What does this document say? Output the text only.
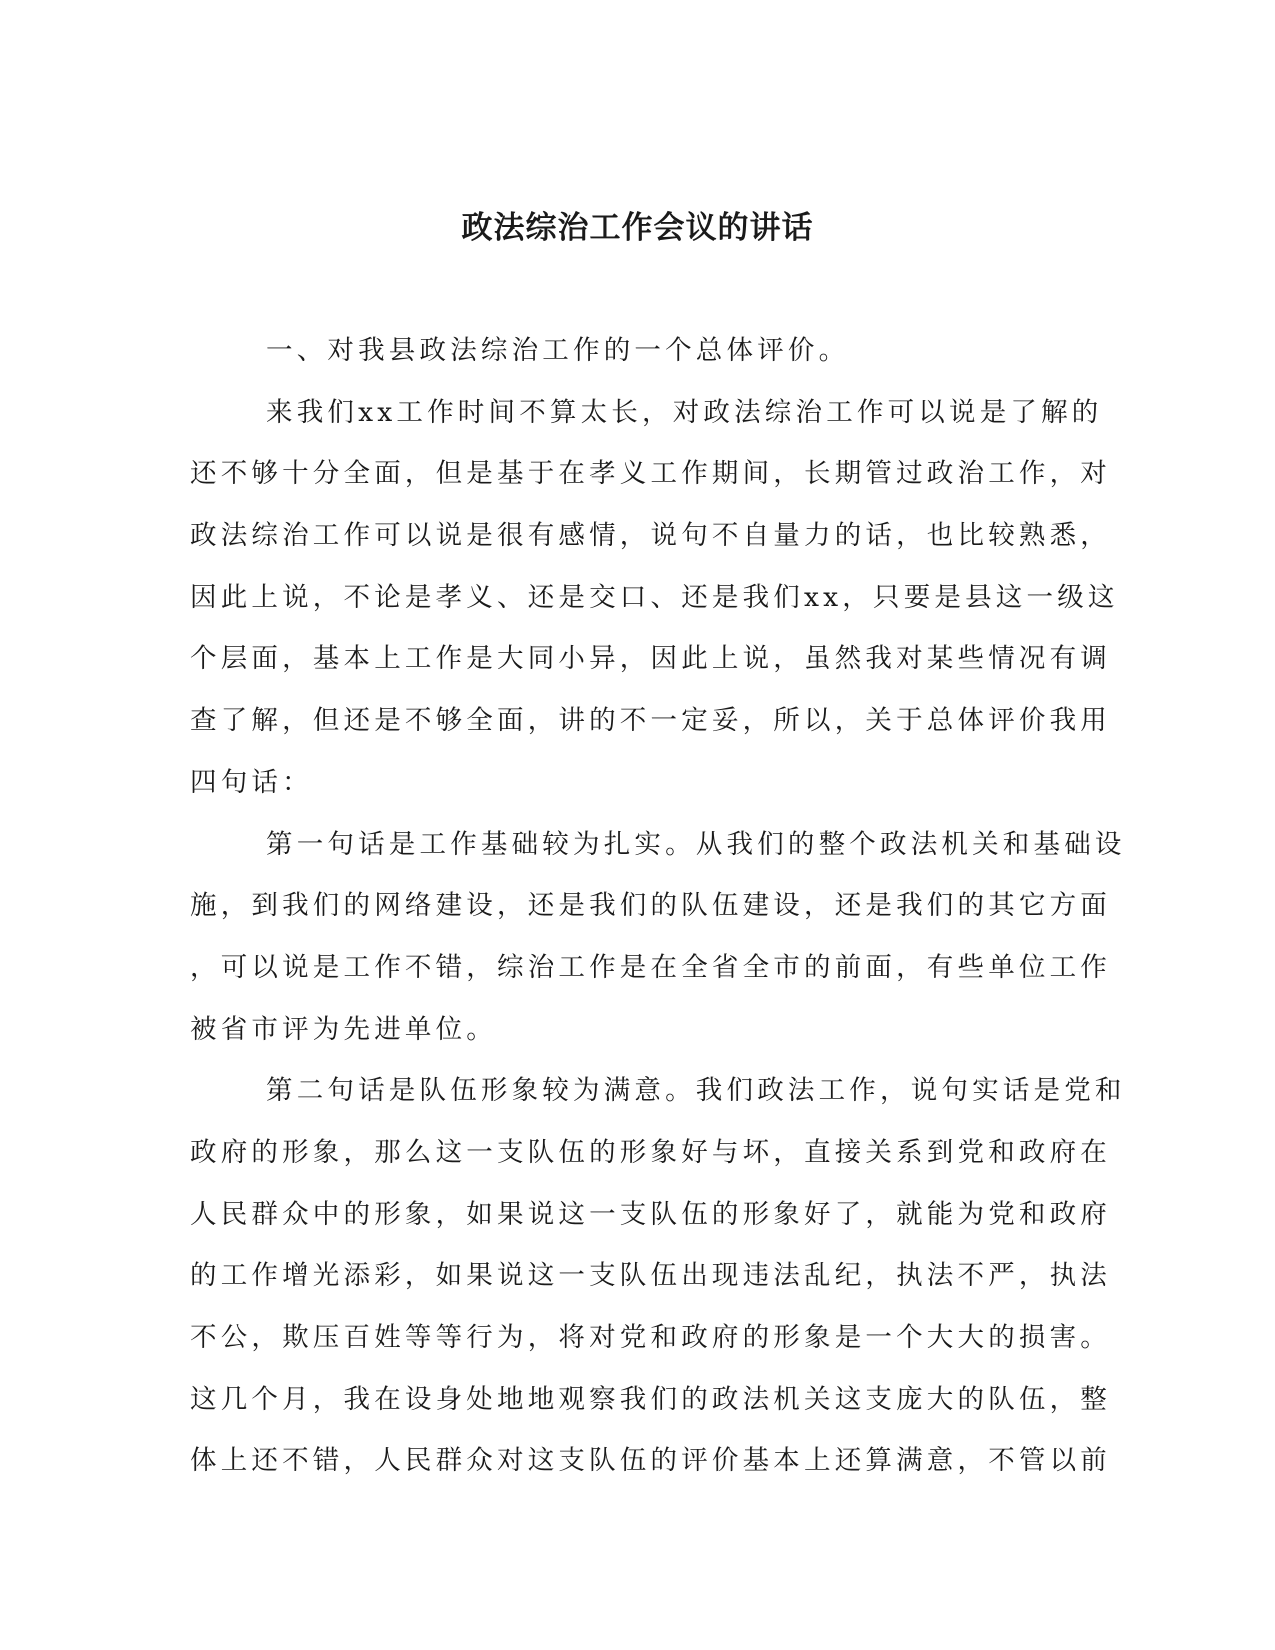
政法综治工作会议的讲话
一、对我县政法综治工作的一个总体评价。
来我们xx工作时间不算太长，对政法综治工作可以说是了解的
还不够十分全面，但是基于在孝义工作期间，长期管过政治工作，对
政法综治工作可以说是很有感情，说句不自量力的话，也比较熟悉，
因此上说，不论是孝义、还是交口、还是我们xx，只要是县这一级这
个层面，基本上工作是大同小异，因此上说，虽然我对某些情况有调
查了解，但还是不够全面，讲的不一定妥，所以，关于总体评价我用
四句话：
第一句话是工作基础较为扎实。从我们的整个政法机关和基础设
施，到我们的网络建设，还是我们的队伍建设，还是我们的其它方面
，可以说是工作不错，综治工作是在全省全市的前面，有些单位工作
被省市评为先进单位。
第二句话是队伍形象较为满意。我们政法工作，说句实话是党和
政府的形象，那么这一支队伍的形象好与坏，直接关系到党和政府在
人民群众中的形象，如果说这一支队伍的形象好了，就能为党和政府
的工作增光添彩，如果说这一支队伍出现违法乱纪，执法不严，执法
不公，欺压百姓等等行为，将对党和政府的形象是一个大大的损害。
这几个月，我在设身处地地观察我们的政法机关这支庞大的队伍，整
体上还不错，人民群众对这支队伍的评价基本上还算满意，不管以前
